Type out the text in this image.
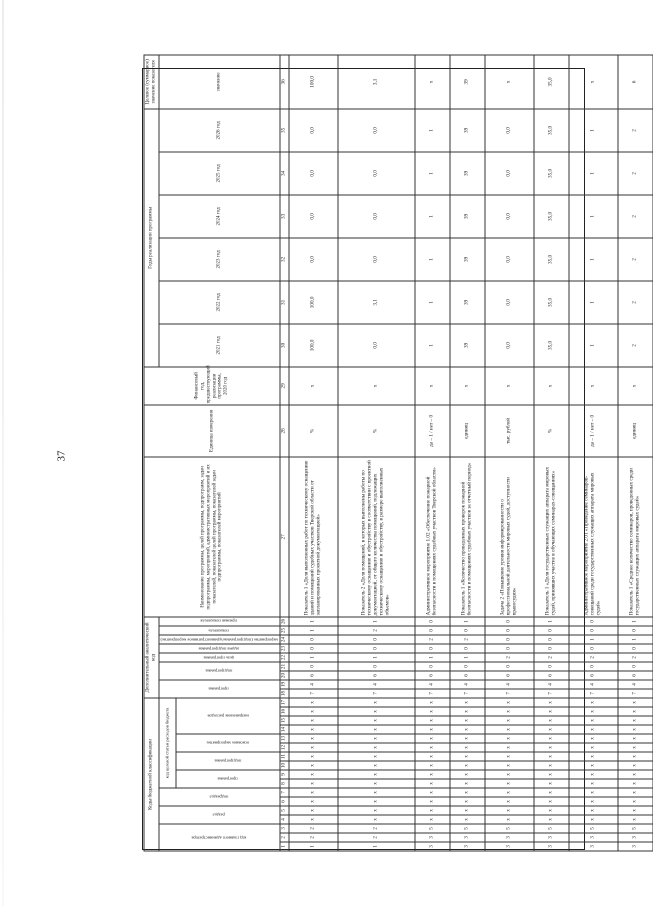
37
Коды бюджетной классификации																	Дополнительный аналитический код									Наименование программы, целей программы, подпрограмм, задач подпрограммы, мероприятий, административных мероприятий и их показателей, показателей целей программы, показателей задач подпрограммы, показателей мероприятий	Единица измерения	Финансовый год, предшествующий реализации программы, 2020 год	Годы реализации программы						Целевое (суммарное) значение показателя	
код главного администратора			раздел		подраздел		код целевой статьи расходов бюджета										программа		подпрограмма		цель программы	задача подпрограммы	мероприятие (подпрограммы/административное мероприятие)	показатель	признак показателя				2021 год	2022 год	2023 год	2024 год	2025 год	2026 год	значение	
							программа		подпрограмма		основное мероприятие		направление расходов																							
1	2	3	4	5	6	7	8	9	10	11	12	13	14	15	16	17	18	19	20	21	22	23	24	25	26	27	28	29	30	31	32	33	34	35	36	
1	2	2	x	x	x	x	x	x	x	x	x	x	x	x	x	x	7	4	6	0	1	0	0	1	1	Показатель 1 «Доля выполненных работ по техническому оснащению зданий и помещений судебных участков Тверской области от запланированных проектной документацией»	%	x	100,0	100,0	0,0	0,0	0,0	0,0	100,0	
1	2	2	x	x	x	x	x	x	x	x	x	x	x	x	x	x	7	4	6	0	1	0	0	2	1	Показатель 2 «Доля помещений, в которых выполнены работы по техническому оснащению и обустройству в соответствии с проектной документацией, от общего количества помещений, подлежащих техническому оснащению и обустройству, в размере выполненных объемов»	%	x	0,0	3,1	0,0	0,0	0,0	0,0	3,1	
3	3	5	x	x	x	x	x	x	x	x	x	x	x	x	x	x	7	4	6	0	1	0	2	0	0	Административное мероприятие 1.02 «Обеспечение пожарной безопасности в помещениях судебных участков Тверской области»	да – 1 / нет – 0	x	1	1	1	1	1	1	x	
3	3	5	x	x	x	x	x	x	x	x	x	x	x	x	x	x	7	4	6	0	1	0	2	0	1	Показатель 1 «Количество проведенных проверок пожарной безопасности в помещениях судебных участков за отчетный период»	единиц	x	39	39	39	39	39	39	39	
3	3	5	x	x	x	x	x	x	x	x	x	x	x	x	x	x	7	4	6	0	2	0	0	0	0	Задача 2 «Повышение уровня информированности о профессиональной деятельности мировых судей, доступности правосудия»	тыс. рублей	x	0,0	0,0	0,0	0,0	0,0	0,0	x	
3	3	5	x	x	x	x	x	x	x	x	x	x	x	x	x	x	7	4	6	0	2	0	0	0	1	Показатель 1 «Доля государственных служащих аппарата мировых судей, принявших участие в обучающих семинарах-совещаниях»	%	x	35,0	35,0	35,0	35,0	35,0	35,0	35,0	
3	3	5	x	x	x	x	x	x	x	x	x	x	x	x	x	x	7	4	6	0	2	0	1	0	0	Административное мероприятие 2.01 «Проведение семинаров-совещаний среди государственных служащих аппарата мировых судей»	да – 1 / нет – 0	x	1	1	1	1	1	1	x	
3	3	5	x	x	x	x	x	x	x	x	x	x	x	x	x	x	7	4	6	0	2	0	1	0	1	Показатель 1 «Среднее количество семинаров, проведенных среди государственных служащих аппарата мировых судей»	единиц	x	2	2	2	2	2	2	6	
